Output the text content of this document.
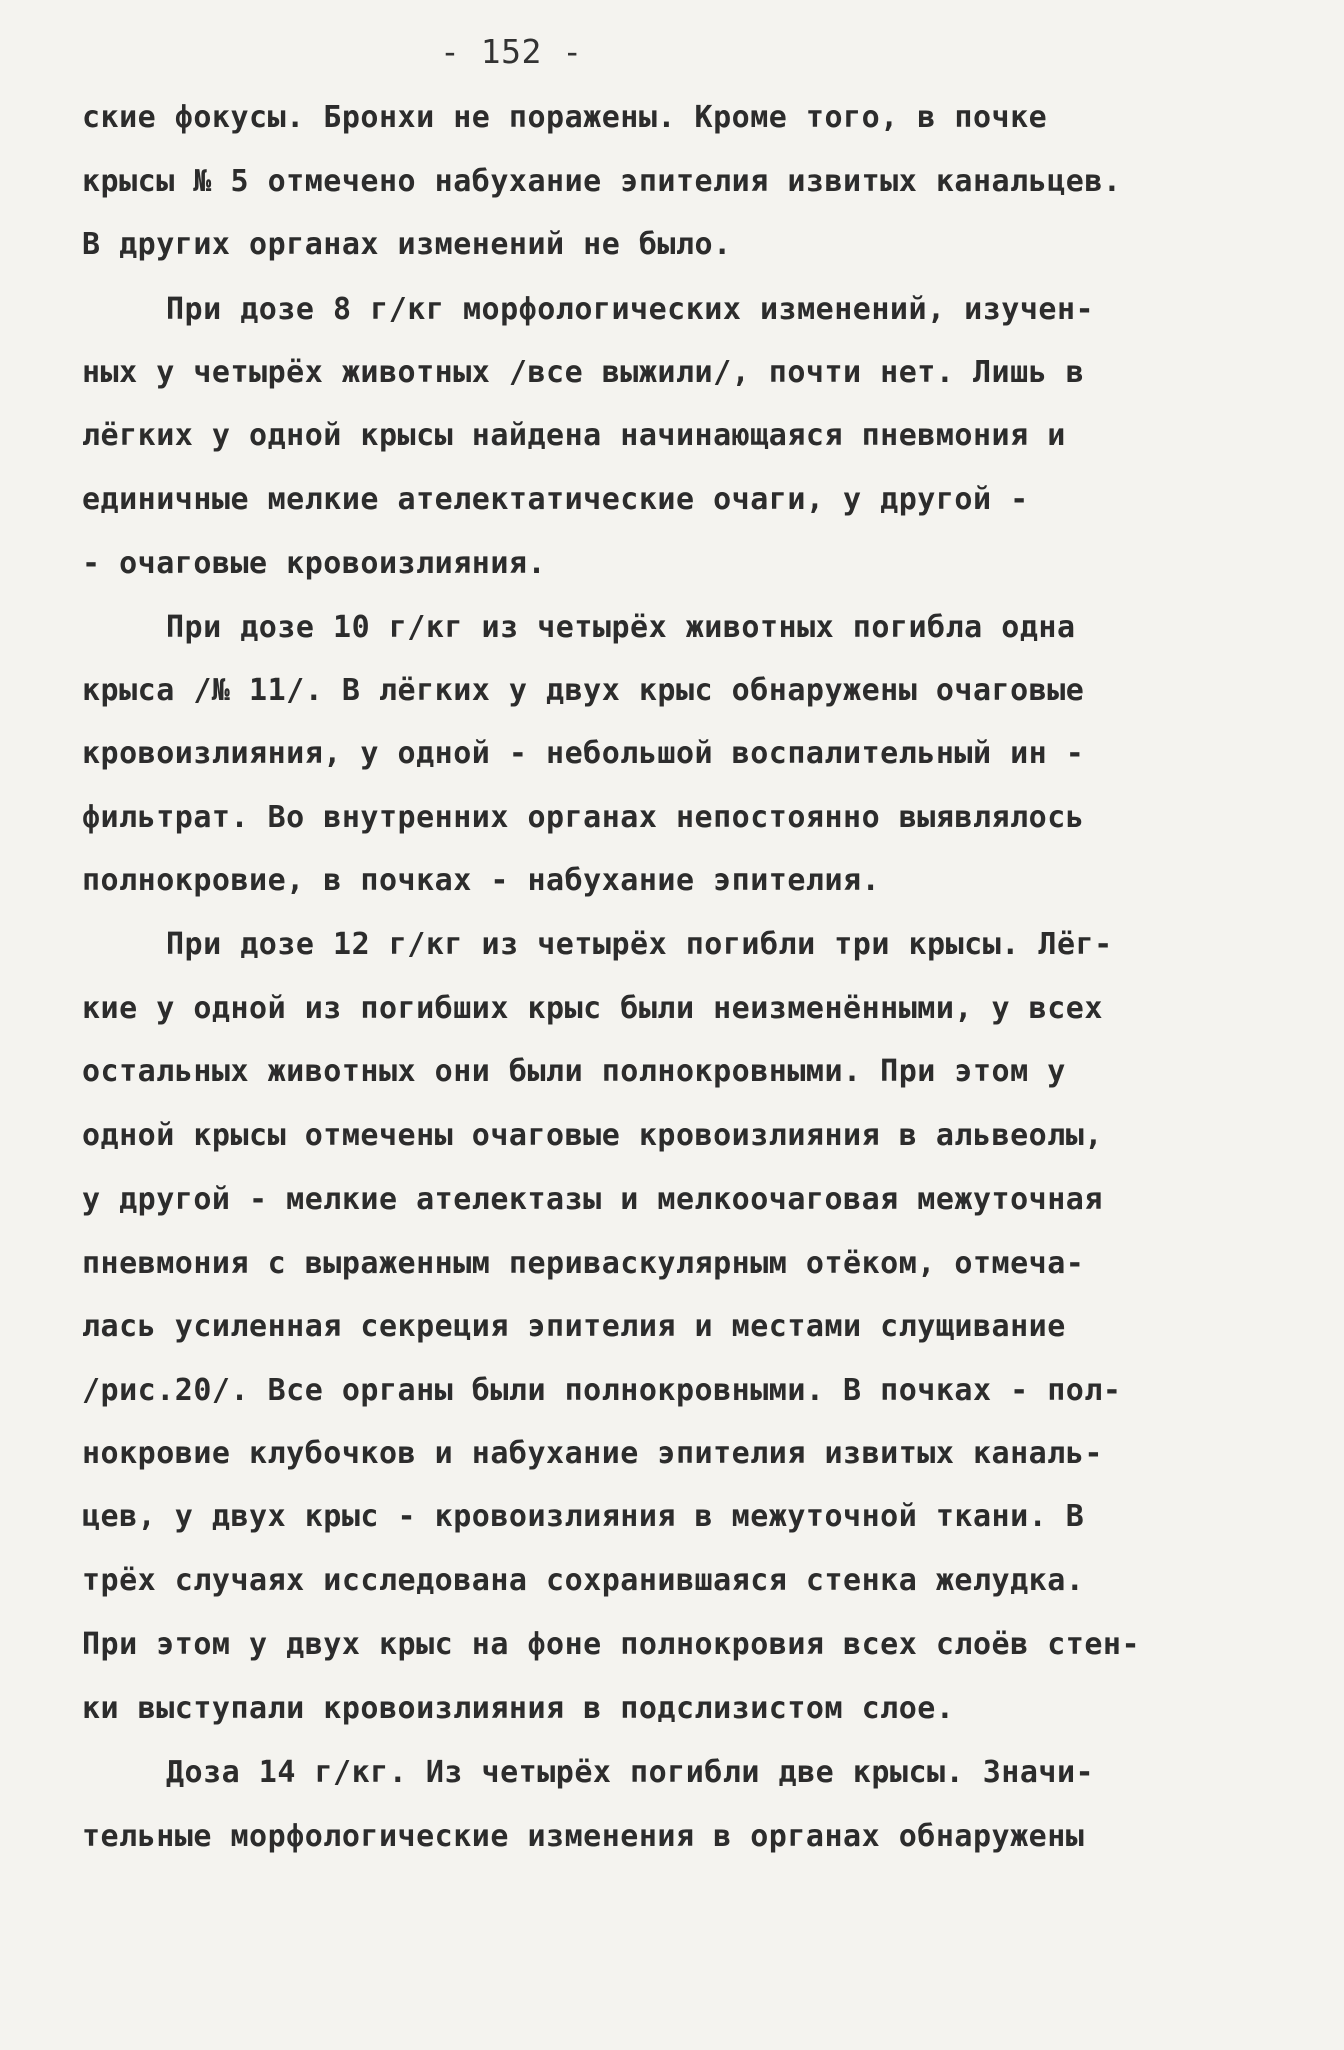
- 152 -
ские фокусы. Бронхи не поражены. Кроме того, в почке
крысы № 5 отмечено набухание эпителия извитых канальцев.
В других органах изменений не было.
При дозе 8 г/кг морфологических изменений, изучен-
ных у четырёх животных /все выжили/, почти нет. Лишь в
лёгких у одной крысы найдена начинающаяся пневмония и
единичные мелкие ателектатические очаги, у другой -
- очаговые кровоизлияния.
При дозе 10 г/кг из четырёх животных погибла одна
крыса /№ 11/. В лёгких у двух крыс обнаружены очаговые
кровоизлияния, у одной - небольшой воспалительный ин -
фильтрат. Во внутренних органах непостоянно выявлялось
полнокровие, в почках - набухание эпителия.
При дозе 12 г/кг из четырёх погибли три крысы. Лёг-
кие у одной из погибших крыс были неизменёнными, у всех
остальных животных они были полнокровными. При этом у
одной крысы отмечены очаговые кровоизлияния в альвеолы,
у другой - мелкие ателектазы и мелкоочаговая межуточная
пневмония с выраженным периваскулярным отёком, отмеча-
лась усиленная секреция эпителия и местами слущивание
/рис.20/. Все органы были полнокровными. В почках - пол-
нокровие клубочков и набухание эпителия извитых каналь-
цев, у двух крыс - кровоизлияния в межуточной ткани. В
трёх случаях исследована сохранившаяся стенка желудка.
При этом у двух крыс на фоне полнокровия всех слоёв стен-
ки выступали кровоизлияния в подслизистом слое.
Доза 14 г/кг. Из четырёх погибли две крысы. Значи-
тельные морфологические изменения в органах обнаружены
